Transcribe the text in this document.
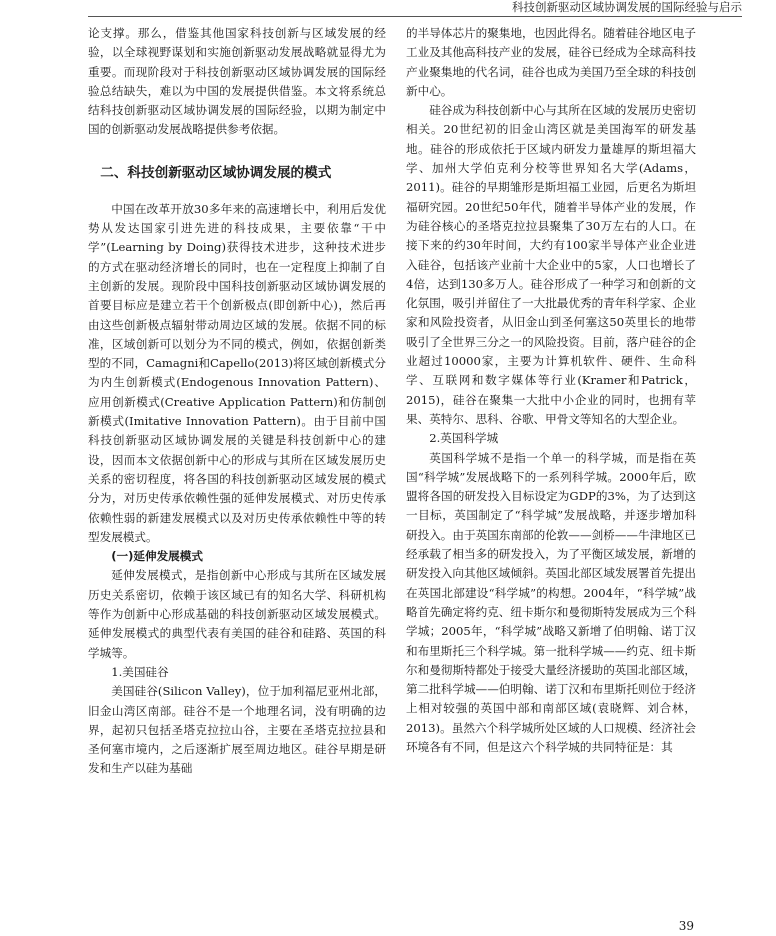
科技创新驱动区域协调发展的国际经验与启示

论支撑。那么，借鉴其他国家科技创新与区域发展的经验，以全球视野谋划和实施创新驱动发展战略就显得尤为重要。而现阶段对于科技创新驱动区域协调发展的国际经验总结缺失，难以为中国的发展提供借鉴。本文将系统总结科技创新驱动区域协调发展的国际经验，以期为制定中国的创新驱动发展战略提供参考依据。

二、科技创新驱动区域协调发展的模式

中国在改革开放30多年来的高速增长中，利用后发优势从发达国家引进先进的科技成果，主要依靠“干中学”(Learning by Doing)获得技术进步，这种技术进步的方式在驱动经济增长的同时，也在一定程度上抑制了自主创新的发展。现阶段中国科技创新驱动区域协调发展的首要目标应是建立若干个创新极点(即创新中心)，然后再由这些创新极点辐射带动周边区域的发展。依据不同的标准，区域创新可以划分为不同的模式，例如，依据创新类型的不同，Camagni和Capello(2013)将区域创新模式分为内生创新模式(Endogenous Innovation Pattern)、应用创新模式(Creative Application Pattern)和仿制创新模式(Imitative Innovation Pattern)。由于目前中国科技创新驱动区域协调发展的关键是科技创新中心的建设，因而本文依据创新中心的形成与其所在区域发展历史关系的密切程度，将各国的科技创新驱动区域发展的模式分为，对历史传承依赖性强的延伸发展模式、对历史传承依赖性弱的新建发展模式以及对历史传承依赖性中等的转型发展模式。

(一)延伸发展模式

延伸发展模式，是指创新中心形成与其所在区域发展历史关系密切，依赖于该区域已有的知名大学、科研机构等作为创新中心形成基础的科技创新驱动区域发展模式。延伸发展模式的典型代表有美国的硅谷和硅路、英国的科学城等。

1.美国硅谷

美国硅谷(Silicon Valley)，位于加利福尼亚州北部，旧金山湾区南部。硅谷不是一个地理名词，没有明确的边界，起初只包括圣塔克拉拉山谷，主要在圣塔克拉拉县和圣何塞市境内，之后逐渐扩展至周边地区。硅谷早期是研发和生产以硅为基础

的半导体芯片的聚集地，也因此得名。随着硅谷地区电子工业及其他高科技产业的发展，硅谷已经成为全球高科技产业聚集地的代名词，硅谷也成为美国乃至全球的科技创新中心。

硅谷成为科技创新中心与其所在区域的发展历史密切相关。20世纪初的旧金山湾区就是美国海军的研发基地。硅谷的形成依托于区域内研发力量雄厚的斯坦福大学、加州大学伯克利分校等世界知名大学(Adams，2011)。硅谷的早期雏形是斯坦福工业园，后更名为斯坦福研究园。20世纪50年代，随着半导体产业的发展，作为硅谷核心的圣塔克拉拉县聚集了30万左右的人口。在接下来的约30年时间，大约有100家半导体产业企业进入硅谷，包括该产业前十大企业中的5家，人口也增长了4倍，达到130多万人。硅谷形成了一种学习和创新的文化氛围，吸引并留住了一大批最优秀的青年科学家、企业家和风险投资者，从旧金山到圣何塞这50英里长的地带吸引了全世界三分之一的风险投资。目前，落户硅谷的企业超过10000家，主要为计算机软件、硬件、生命科学、互联网和数字媒体等行业(Kramer和Patrick，2015)，硅谷在聚集一大批中小企业的同时，也拥有苹果、英特尔、思科、谷歌、甲骨文等知名的大型企业。

2.英国科学城

英国科学城不是指一个单一的科学城，而是指在英国“科学城”发展战略下的一系列科学城。2000年后，欧盟将各国的研发投入目标设定为GDP的3%，为了达到这一目标，英国制定了“科学城”发展战略，并逐步增加科研投入。由于英国东南部的伦敦——剑桥——牛津地区已经承载了相当多的研发投入，为了平衡区域发展，新增的研发投入向其他区域倾斜。英国北部区域发展署首先提出在英国北部建设“科学城”的构想。2004年，“科学城”战略首先确定将约克、纽卡斯尔和曼彻斯特发展成为三个科学城；2005年，“科学城”战略又新增了伯明翰、诺丁汉和布里斯托三个科学城。第一批科学城——约克、纽卡斯尔和曼彻斯特都处于接受大量经济援助的英国北部区域，第二批科学城——伯明翰、诺丁汉和布里斯托则位于经济上相对较强的英国中部和南部区域(袁晓辉、刘合林，2013)。虽然六个科学城所处区域的人口规模、经济社会环境各有不同，但是这六个科学城的共同特征是：其

39
